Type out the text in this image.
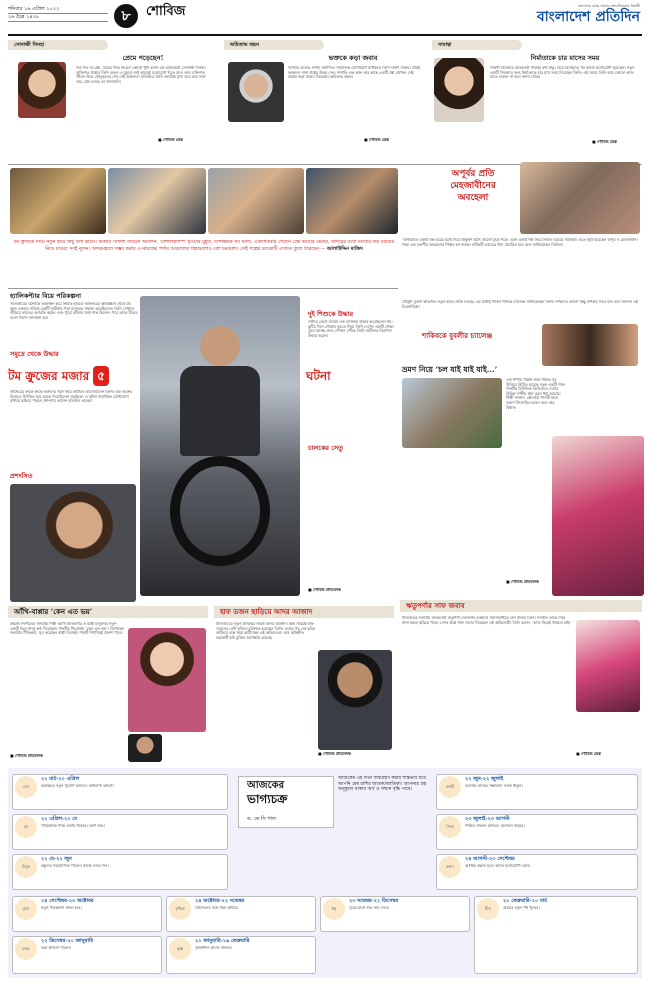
শনিবার ১৬ এপ্রিল ২০২২
২৬ চৈত্র ১৪২৮	৮	শোবিজ	জনগণের কাছে দায়বদ্ধ সাংবাদিকতায় বিশ্বাসী
বাংলাদেশ প্রতিদিন
সোনাক্ষী সিনহা
প্রেমে পড়েছেন!
সব্য খত বা প্রেম, বিয়ের খবর নিয়েও কোনো খুশি হননি এই অভিনেত্রী সোনাক্ষী সিনহা। ব্যক্তিগত প্রশ্নেও তিনি বলেন এ মুহূর্তে শুধু কাজেই মনোযোগ দিতে চান। তার ব্যক্তিগত জীবন নিয়ে কৌতূহলের শেষ নেই ভক্তদের। বলিউডে তিনি জনপ্রিয় মুখ। তবে কার সঙ্গে তার প্রেম চলছে তা জানাননি।
■ শোবিজ ডেস্ক
অমিতাভ বচ্চন
ভক্তকে কড়া জবাব
বিগবির ভক্তের সংখ্যা অগণিত। সামাজিক যোগাযোগ মাধ্যমেও তিনি দারুণ সক্রিয়। প্রায়ই ভক্তদের নানা প্রশ্নের উত্তর দেন। সম্প্রতি এক ভক্ত তার কাছে একটি প্রশ্ন রাখেন। সেই প্রশ্নের কড়া জবাব দিয়েছেন অমিতাভ বচ্চন।
■ শোবিজ ডেস্ক
সামান্থা
নির্মাতাকে চার মাসের সময়
দক্ষিণী সিনেমার অভিনেত্রী সামান্থা রুথ প্রভু। বিয়ে বিচ্ছেদের পর কাজে মনোযোগী হয়েছেন। নতুন একটি সিনেমার জন্য নির্মাতাকে চার মাস সময় দিয়েছেন তিনি। এই সময়ে তিনি আর কোনো কাজ হাতে নেবেন না বলে জানা গেছে।
■ শোবিজ ডেস্ক
টম ক্রুজকে নিয়ে নতুন করে কিছু বলা কঠিন। অকাট্য সাফল্য জীবনে অমলিন, ‘মার্শালক্যাম্প’ হওয়ার মুহূর্ত, বিপজ্জনক সব স্টান্ট, একাধিকবার গেছেন প্রেম ভাঙার ভেতর, অন্দরের মধ্যে নিজের নাম বারবার নিয়ে যাওয়া সবই নুতন। অন্দরমহলে সম্ভব করার এ নায়কের পর্দায় আড়ালের গল্পগুলোও বেশ চমকপ্রদ। সেই গল্পের কয়েকটি এখানে তুলে ধরেছেন — আলাউদ্দিন মাজিদ
হ্যালিকপ্টার বিয়ে পরিকল্পনা
সত্যিকারের ঘটনাকে অবলম্বন করে নির্মিত ছবিতে অভিনয়ের অভিজ্ঞতা থেকে টম ক্রুজ একবার সত্যিই একটি দুর্ঘটনায় পড়া মানুষকে সাহায্য করেছিলেন। তিনি সেখানে দাঁড়িয়ে কাজের তদারকি করেন এবং পুরো ঘটনার সময় শান্ত ছিলেন। পরে তাকে বীরের মতো সম্মান জানানো হয়।
সমুদ্রে থেকে উদ্ধার
টম ক্রুজের মজার ৫	ঘটনা
শুটিংয়ের ফাঁকে ফাঁকে ভক্তদের সঙ্গে সময় কাটাতে ভালোবাসেন তিনি। এক ভক্তের বিয়েতে উপস্থিত হয়ে চমকে দিয়েছিলেন সবাইকে। এ ঘটনা সামাজিক যোগাযোগ মাধ্যমে ছড়িয়ে পড়লে প্রশংসায় ভাসেন হলিউড তারকা।
প্রশংসিত
দুই শিশুকে উদ্ধার
সাগরে ভেসে যাওয়া এক ব্যক্তিকে উদ্ধার করেছিলেন টম। ছুটির দিনে নৌকায় ঘুরতে গিয়ে তিনি দেখেন একটি নৌকা ডুবে যাচ্ছে। দ্রুত সেখানে পৌঁছে তিনি যাত্রীদের নিরাপদে উদ্ধার করেন।
চালকের সেতু
■ শোবিজ প্রতিবেদক
অপূর্বর প্রতি
মেহজাবীনের
অবহেলা
‘অপরিচিত একটি বন্ধ ঘরের মধ্যে দিয়ে কিছুক্ষণ হঠাৎ আলো ঢুকে পড়ে’ এমন একটি গল্প নিয়ে নির্মিত হয়েছে নাটকটি। এতে জুটি হয়েছেন অপূর্ব ও মেহজাবীন। গল্পে এক তরুণীর অবহেলার শিকার হন নায়ক। নাটকটি এবারের ঈদে প্রচারিত হবে বলে জানিয়েছেন নির্মাতা।
মৌসুমী বুবলী অভিনীত নতুন ছবির শুটিং চলছে। এর মধ্যেই শাকিব খানকে চ্যালেঞ্জ জানিয়েছেন তিনি। দর্শকদের ভালো কিছু উপহার দিতে চান বলে জানান এই চিত্রনায়িকা।
শাকিবকে বুবলীর চ্যালেঞ্জ
ভ্রমণ নিয়ে ‘চল যাই যাই যাই...’
এক শাখায় পর্যটন আর গানের সুর মিলিয়ে নির্মিত হয়েছে নতুন একটি গান। গানটির মিউজিক ভিডিওতে দেশের বিভিন্ন দর্শনীয় স্থান তুলে ধরা হয়েছে। শিল্পী জানান, শ্রোতারা গানটি শুনে ভ্রমণে উৎসাহিত হবেন বলে তার বিশ্বাস।
■ শোবিজ প্রতিবেদক
আঁখি-বাপ্পার ‘কেন এত ভয়’
উচ্চাঙ্গ সংগীতের জনপ্রিয় শিল্পী আঁখি আলমগীর ও বাপ্পা মজুমদার নতুন একটি দ্বৈত গানে কণ্ঠ দিয়েছেন। গানটির শিরোনাম ‘কেন এত ভয়’। লিখেছেন জনপ্রিয় গীতিকবি, সুর করেছেন বাপ্পা নিজেই। গানটি শিগগিরই প্রকাশ পাবে।
■ শোবিজ প্রতিবেদক
হাফ ডজন ছাড়িয়ে আদর আজাদ
ঢালিউডের নতুন প্রজন্মের নায়ক আদর আজাদ। অল্প সময়েই হাফ ডজনের বেশি ছবিতে চুক্তিবদ্ধ হয়েছেন তিনি। একের পর এক ছবির শুটিংয়ে ব্যস্ত সময় কাটাচ্ছেন এই অভিনেতা। তার অভিনীত কয়েকটি ছবি মুক্তির অপেক্ষায় রয়েছে।
■ শোবিজ প্রতিবেদক
ঋতুপর্ণার সাফ জবাব
টলিউডের জনপ্রিয় অভিনেত্রী ঋতুপর্ণা সেনগুপ্ত। বর্তমানে সমাজমাধ্যমে বেশ সক্রিয় তিনি। সম্প্রতি তাকে নিয়ে নানা মন্তব্য ছড়িয়ে পড়ে। সেসব প্রশ্নে সাফ জবাব দিয়েছেন এই অভিনেত্রী। তিনি বলেন, ‘কাজ নিয়েই থাকতে চাই।’
■ শোবিজ ডেস্ক
আজকের
ভাগ্যচক্র
ড. কে সি পাল
আজকের এই দিনে জন্মগ্রহণ করায় শান্তভাব মতে আপনি মেষ রাশির জাতক/জাতিকা। আপনার গ্রহ অনুকূলে থাকায় অর্থ ও সম্মান বৃদ্ধি পাবে।
মেষ
২১ মার্চ-২০ এপ্রিল
কর্মক্ষেত্রে নতুন সুযোগ আসবে। অর্থভাগ্য ভালো।
বৃষ
২১ এপ্রিল-২০ মে
পারিবারিক শান্তি বজায় থাকবে। ভ্রমণ শুভ।
মিথুন
২১ মে-২১ জুন
বন্ধুদের সহযোগিতা পাবেন। স্বাস্থ্যে নজর দিন।
কর্কট
২২ জুন-২২ জুলাই
ব্যবসায় লাভের সম্ভাবনা। সতর্ক থাকুন।
সিংহ
২৩ জুলাই-২৩ আগস্ট
শিক্ষায় সাফল্য আসবে। মনোবল বাড়বে।
কন্যা
২৪ আগস্ট-২৩ সেপ্টেম্বর
আর্থিক উন্নতি হবে। কাজে মনোযোগী হোন।
তুলা
২৪ সেপ্টেম্বর-২৩ অক্টোবর
নতুন পরিকল্পনা সফল হবে।	বৃশ্চিক
২৪ অক্টোবর-২২ নভেম্বর
প্রিয়জনের সঙ্গে সময় কাটবে।	ধনু
২৩ নভেম্বর-২১ ডিসেম্বর
দূরের যাত্রা শুভ ফল দেবে।
মকর
২২ ডিসেম্বর-২০ জানুয়ারি
কর্মে প্রশংসা পাবেন।	কুম্ভ
২১ জানুয়ারি-১৯ ফেব্রুয়ারি
সৃজনশীল কাজে সাফল্য।
মীন
২০ ফেব্রুয়ারি-২০ মার্চ
আয়ের নতুন পথ খুলবে।
